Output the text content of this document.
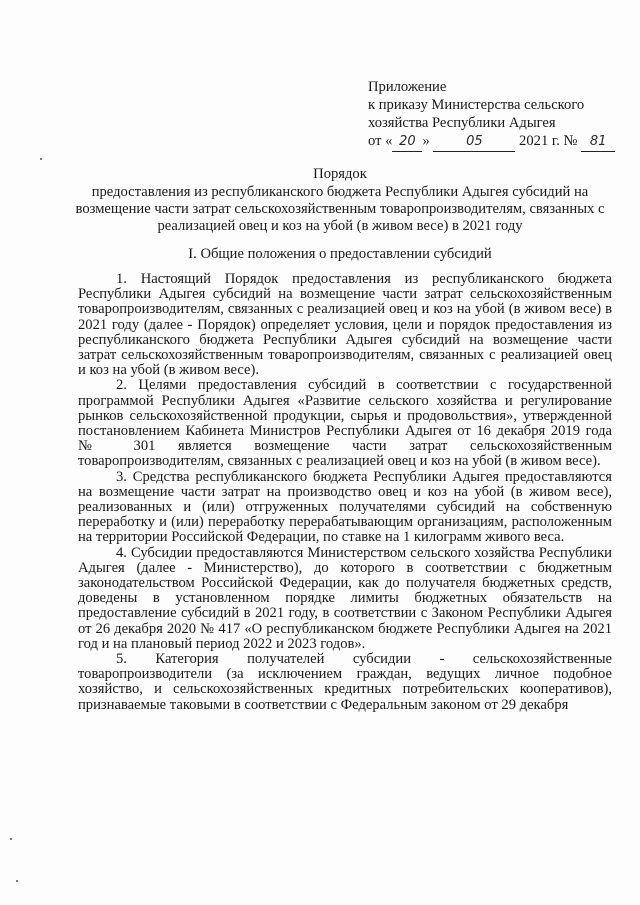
Приложение
к приказу Министерства сельского
хозяйства Республики Адыгея
от « 20 »	05 2021 г. № 81
Порядок
предоставления из республиканского бюджета Республики Адыгея субсидий на возмещение части затрат сельскохозяйственным товаропроизводителям, связанных с реализацией овец и коз на убой (в живом весе) в 2021 году
I. Общие положения о предоставлении субсидий

1. Настоящий Порядок предоставления из республиканского бюджета Республики Адыгея субсидий на возмещение части затрат сельскохозяйственным товаропроизводителям, связанных с реализацией овец и коз на убой (в живом весе) в 2021 году (далее - Порядок) определяет условия, цели и порядок предоставления из республиканского бюджета Республики Адыгея субсидий на возмещение части затрат сельскохозяйственным товаропроизводителям, связанных с реализацией овец и коз на убой (в живом весе).

2. Целями предоставления субсидий в соответствии с государственной программой Республики Адыгея «Развитие сельского хозяйства и регулирование рынков сельскохозяйственной продукции, сырья и продовольствия», утвержденной постановлением Кабинета Министров Республики Адыгея от 16 декабря 2019 года № 301 является возмещение части затрат сельскохозяйственным товаропроизводителям, связанных с реализацией овец и коз на убой (в живом весе).

3. Средства республиканского бюджета Республики Адыгея предоставляются на возмещение части затрат на производство овец и коз на убой (в живом весе), реализованных и (или) отгруженных получателями субсидий на собственную переработку и (или) переработку перерабатывающим организациям, расположенным на территории Российской Федерации, по ставке на 1 килограмм живого веса.

4. Субсидии предоставляются Министерством сельского хозяйства Республики Адыгея (далее - Министерство), до которого в соответствии с бюджетным законодательством Российской Федерации, как до получателя бюджетных средств, доведены в установленном порядке лимиты бюджетных обязательств на предоставление субсидий в 2021 году, в соответствии с Законом Республики Адыгея от 26 декабря 2020 № 417 «О республиканском бюджете Республики Адыгея на 2021 год и на плановый период 2022 и 2023 годов».

5. Категория получателей субсидии - сельскохозяйственные товаропроизводители (за исключением граждан, ведущих личное подобное хозяйство, и сельскохозяйственных кредитных потребительских кооперативов), признаваемые таковыми в соответствии с Федеральным законом от 29 декабря
